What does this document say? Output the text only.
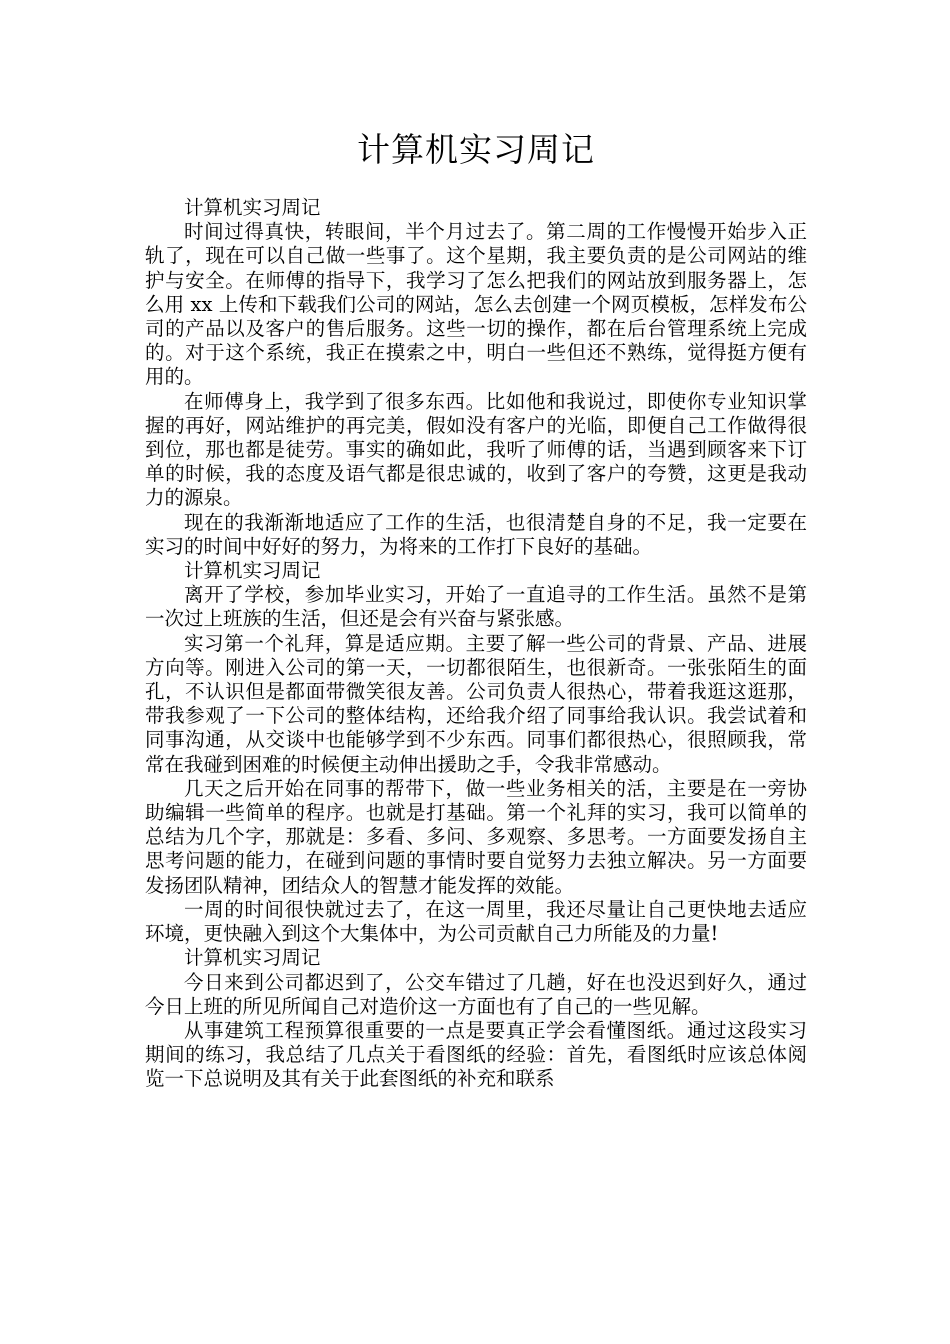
计算机实习周记

计算机实习周记

时间过得真快，转眼间，半个月过去了。第二周的工作慢慢开始步入正轨了，现在可以自己做一些事了。这个星期，我主要负责的是公司网站的维护与安全。在师傅的指导下，我学习了怎么把我们的网站放到服务器上，怎么用 xx 上传和下载我们公司的网站，怎么去创建一个网页模板，怎样发布公司的产品以及客户的售后服务。这些一切的操作，都在后台管理系统上完成的。对于这个系统，我正在摸索之中，明白一些但还不熟练，觉得挺方便有用的。

在师傅身上，我学到了很多东西。比如他和我说过，即使你专业知识掌握的再好，网站维护的再完美，假如没有客户的光临，即便自己工作做得很到位，那也都是徒劳。事实的确如此，我听了师傅的话，当遇到顾客来下订单的时候，我的态度及语气都是很忠诚的，收到了客户的夸赞，这更是我动力的源泉。

现在的我渐渐地适应了工作的生活，也很清楚自身的不足，我一定要在实习的时间中好好的努力，为将来的工作打下良好的基础。

计算机实习周记

离开了学校，参加毕业实习，开始了一直追寻的工作生活。虽然不是第一次过上班族的生活，但还是会有兴奋与紧张感。

实习第一个礼拜，算是适应期。主要了解一些公司的背景、产品、进展方向等。刚进入公司的第一天，一切都很陌生，也很新奇。一张张陌生的面孔，不认识但是都面带微笑很友善。公司负责人很热心，带着我逛这逛那，带我参观了一下公司的整体结构，还给我介绍了同事给我认识。我尝试着和同事沟通，从交谈中也能够学到不少东西。同事们都很热心，很照顾我，常常在我碰到困难的时候便主动伸出援助之手，令我非常感动。

几天之后开始在同事的帮带下，做一些业务相关的活，主要是在一旁协助编辑一些简单的程序。也就是打基础。第一个礼拜的实习，我可以简单的总结为几个字，那就是：多看、多问、多观察、多思考。一方面要发扬自主思考问题的能力，在碰到问题的事情时要自觉努力去独立解决。另一方面要发扬团队精神，团结众人的智慧才能发挥的效能。

一周的时间很快就过去了，在这一周里，我还尽量让自己更快地去适应环境，更快融入到这个大集体中，为公司贡献自己力所能及的力量!

计算机实习周记

今日来到公司都迟到了，公交车错过了几趟，好在也没迟到好久，通过今日上班的所见所闻自己对造价这一方面也有了自己的一些见解。

从事建筑工程预算很重要的一点是要真正学会看懂图纸。通过这段实习期间的练习，我总结了几点关于看图纸的经验：首先，看图纸时应该总体阅览一下总说明及其有关于此套图纸的补充和联系
